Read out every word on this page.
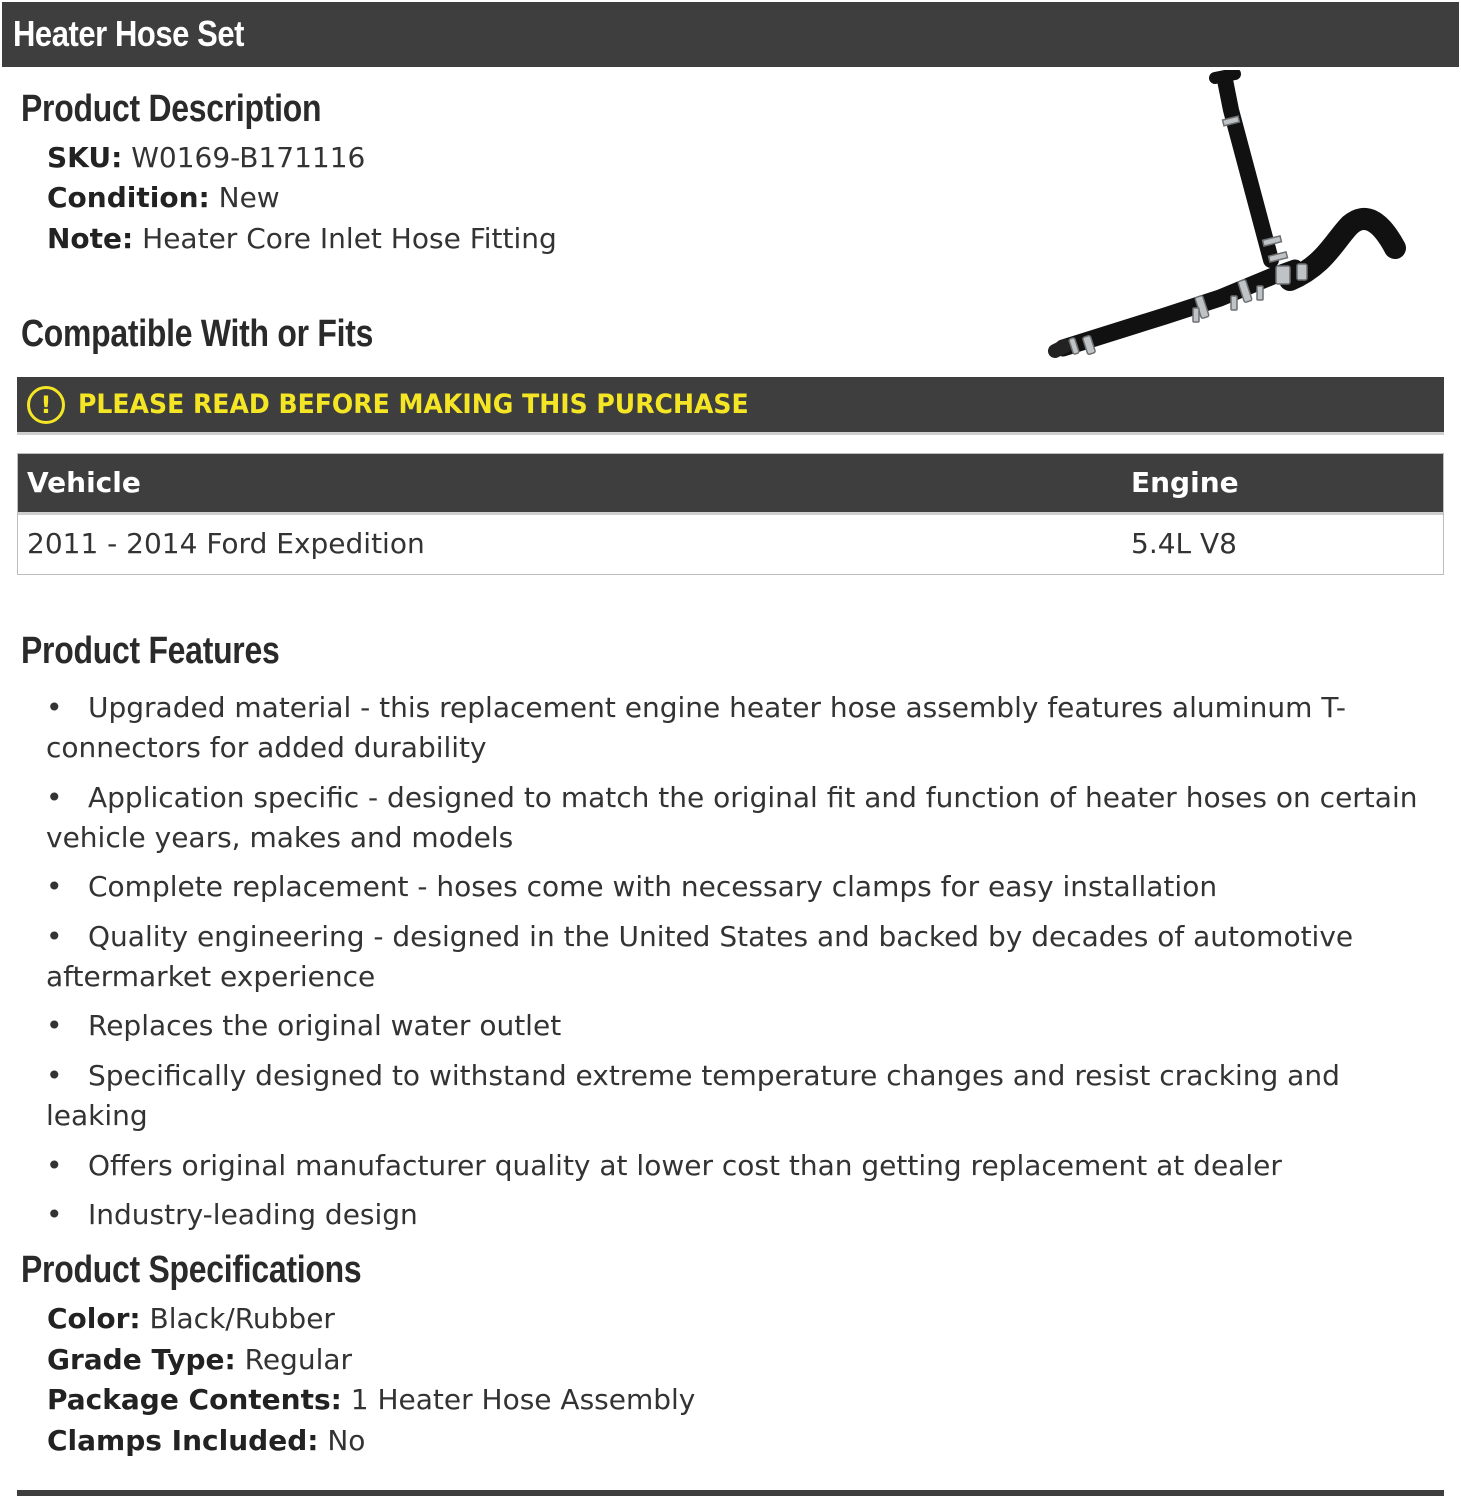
Heater Hose Set
Product Description
SKU: W0169-B171116
Condition: New
Note: Heater Core Inlet Hose Fitting
Compatible With or Fits
! PLEASE READ BEFORE MAKING THIS PURCHASE
Vehicle	Engine
2011 - 2014 Ford Expedition	5.4L V8
Product Features
• Upgraded material - this replacement engine heater hose assembly features aluminum T-connectors for added durability
• Application specific - designed to match the original fit and function of heater hoses on certain vehicle years, makes and models
• Complete replacement - hoses come with necessary clamps for easy installation
• Quality engineering - designed in the United States and backed by decades of automotive aftermarket experience
• Replaces the original water outlet
• Specifically designed to withstand extreme temperature changes and resist cracking and leaking
• Offers original manufacturer quality at lower cost than getting replacement at dealer
• Industry-leading design
Product Specifications
Color: Black/Rubber
Grade Type: Regular
Package Contents: 1 Heater Hose Assembly
Clamps Included: No
